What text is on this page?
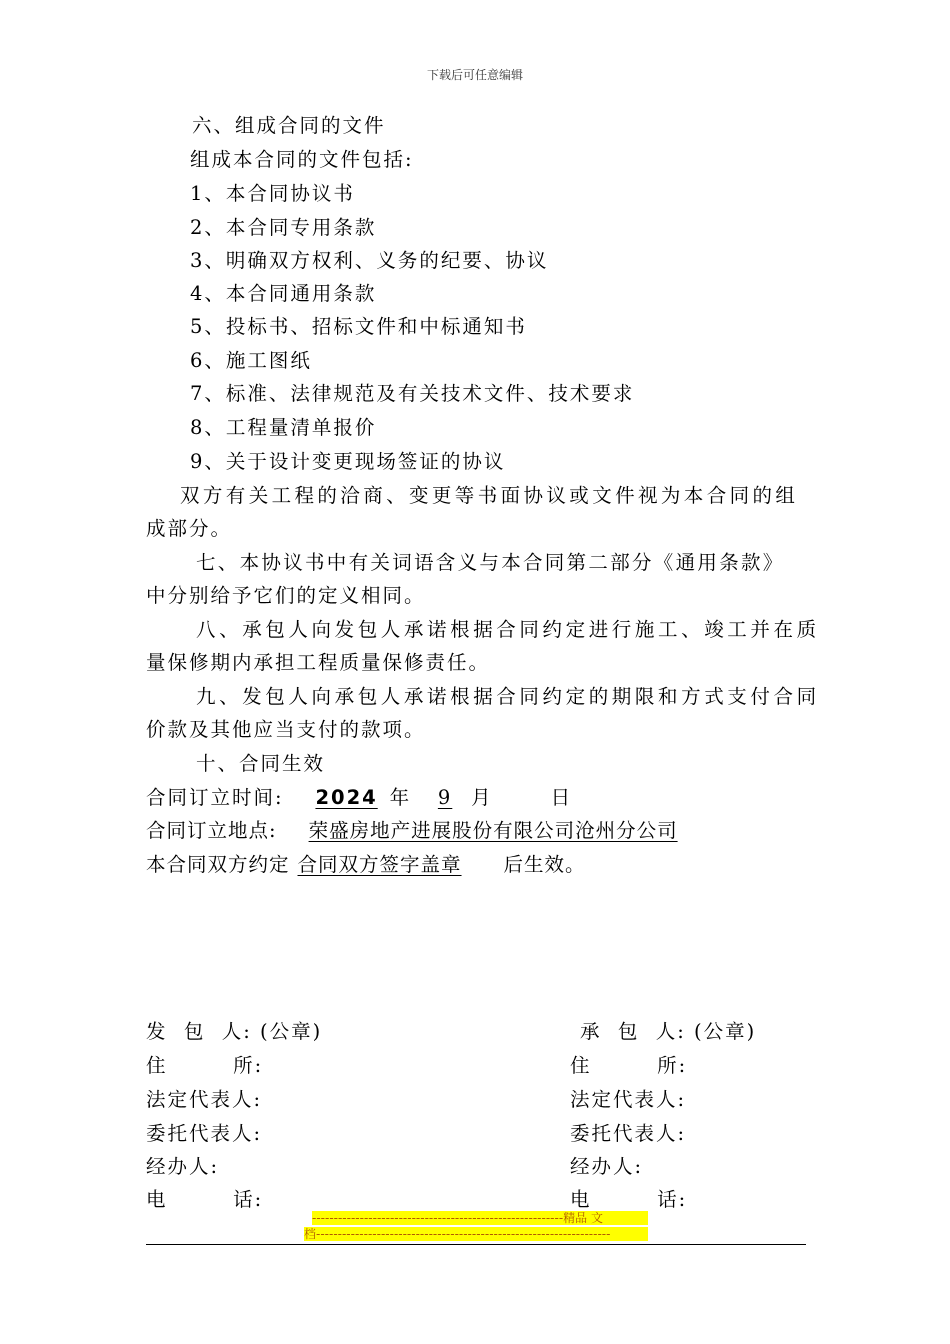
下载后可任意编辑
六、组成合同的文件
组成本合同的文件包括:
1、本合同协议书
2、本合同专用条款
3、明确双方权利、义务的纪要、协议
4、本合同通用条款
5、投标书、招标文件和中标通知书
6、施工图纸
7、标准、法律规范及有关技术文件、技术要求
8、工程量清单报价
9、关于设计变更现场签证的协议
双方有关工程的洽商、变更等书面协议或文件视为本合同的组
成部分。
七、本协议书中有关词语含义与本合同第二部分《通用条款》
中分别给予它们的定义相同。
八、承包人向发包人承诺根据合同约定进行施工、竣工并在质
量保修期内承担工程质量保修责任。
九、发包人向承包人承诺根据合同约定的期限和方式支付合同
价款及其他应当支付的款项。
十、合同生效
合同订立时间: 2024 年 9 月	日
合同订立地点: 荣盛房地产进展股份有限公司沧州分公司
本合同双方约定 合同双方签字盖章 后生效。
发  包  人: (公章)
住        所:
法定代表人:
委托代表人:
经办人:
电        话:
承  包  人: (公章)
住        所:
法定代表人:
委托代表人:
经办人:
电        话:
----------------------------------------------------------精品 文
档--------------------------------------------------------------------
